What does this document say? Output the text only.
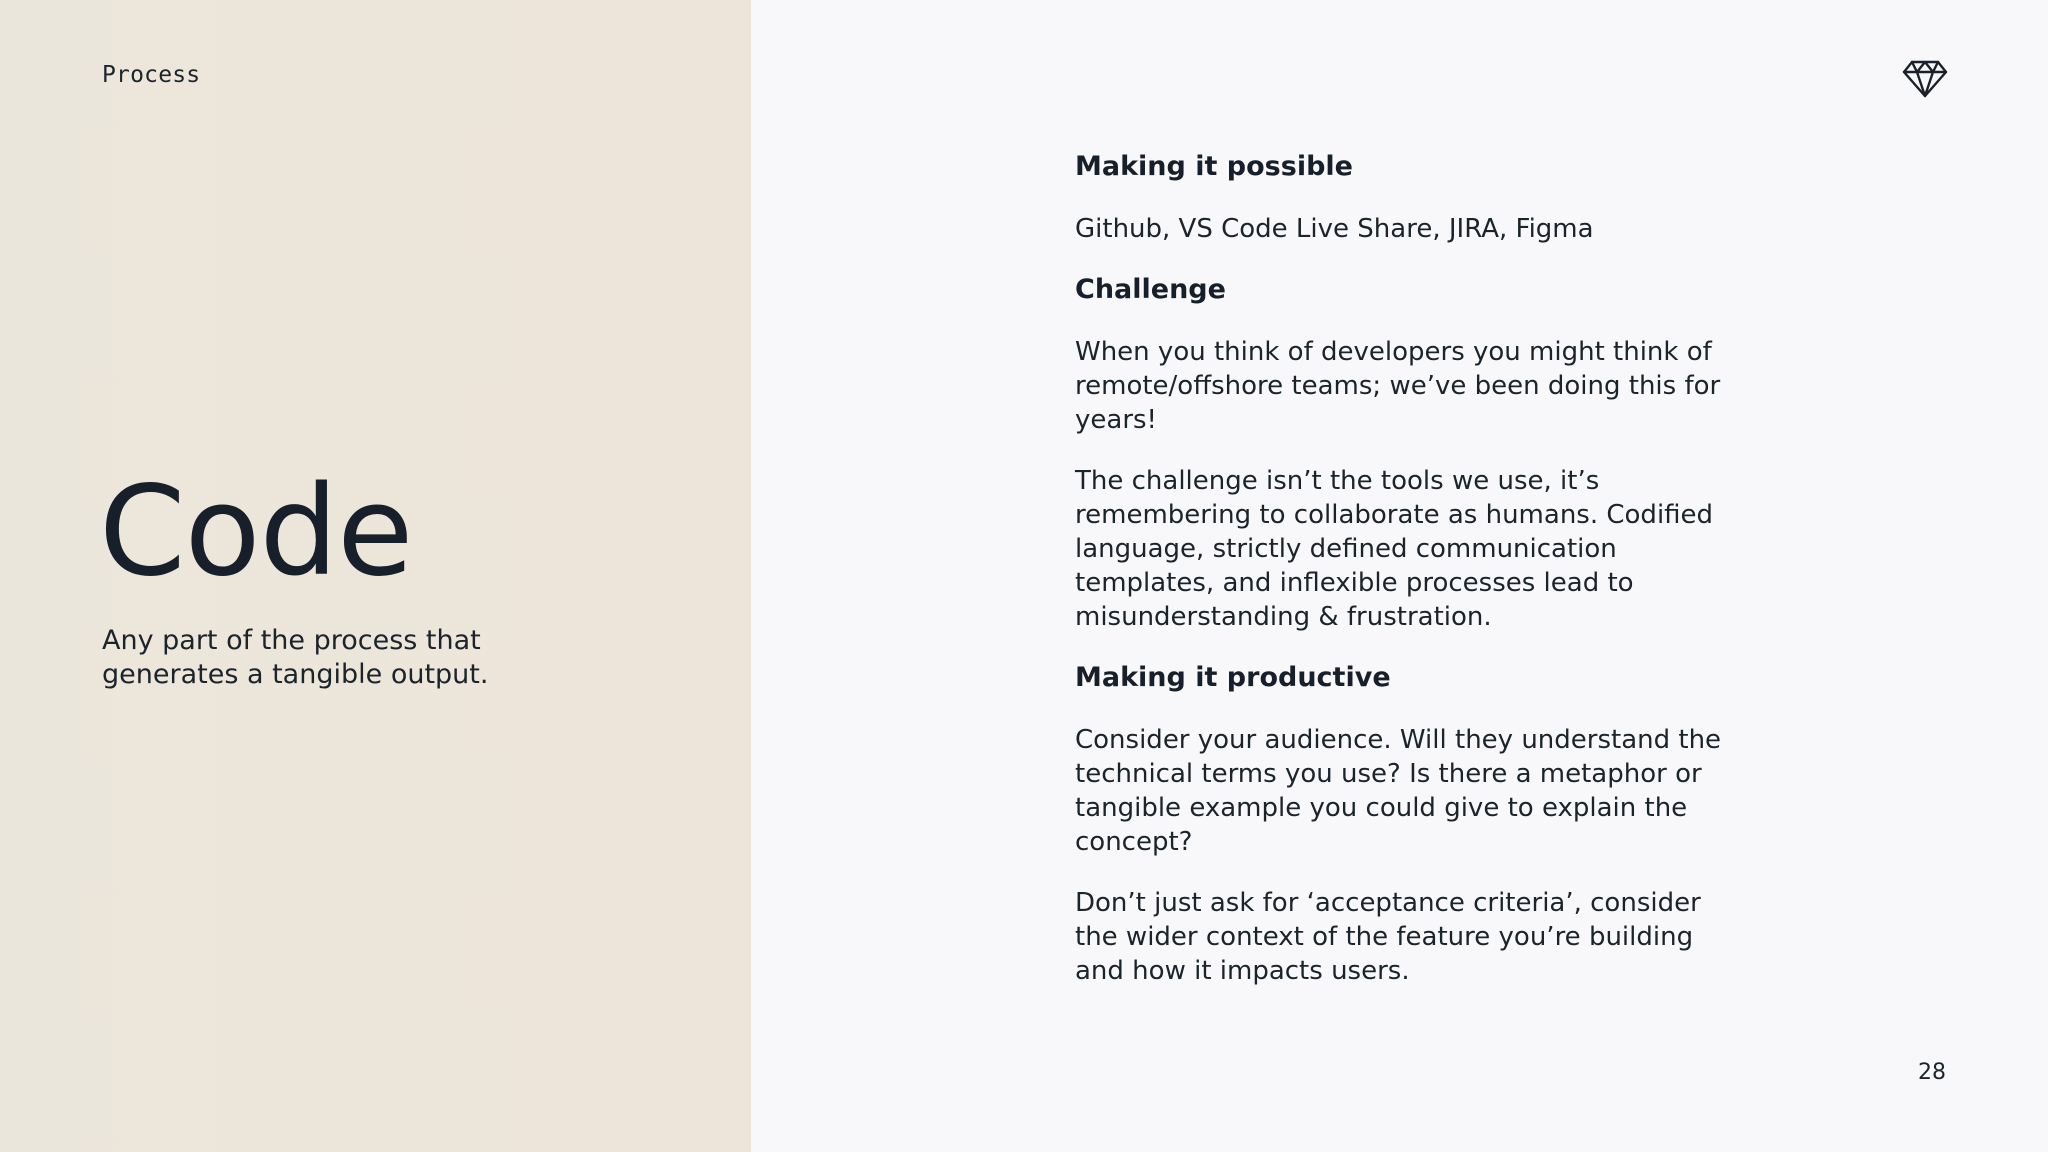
Process
Code

Any part of the process that generates a tangible output.

Making it possible

Github, VS Code Live Share, JIRA, Figma

Challenge

When you think of developers you might think of remote/offshore teams; we’ve been doing this for years!

The challenge isn’t the tools we use, it’s remembering to collaborate as humans. Codified language, strictly defined communication templates, and inflexible processes lead to misunderstanding & frustration.

Making it productive

Consider your audience. Will they understand the technical terms you use? Is there a metaphor or tangible example you could give to explain the concept?

Don’t just ask for ‘acceptance criteria’, consider the wider context of the feature you’re building and how it impacts users.

28
